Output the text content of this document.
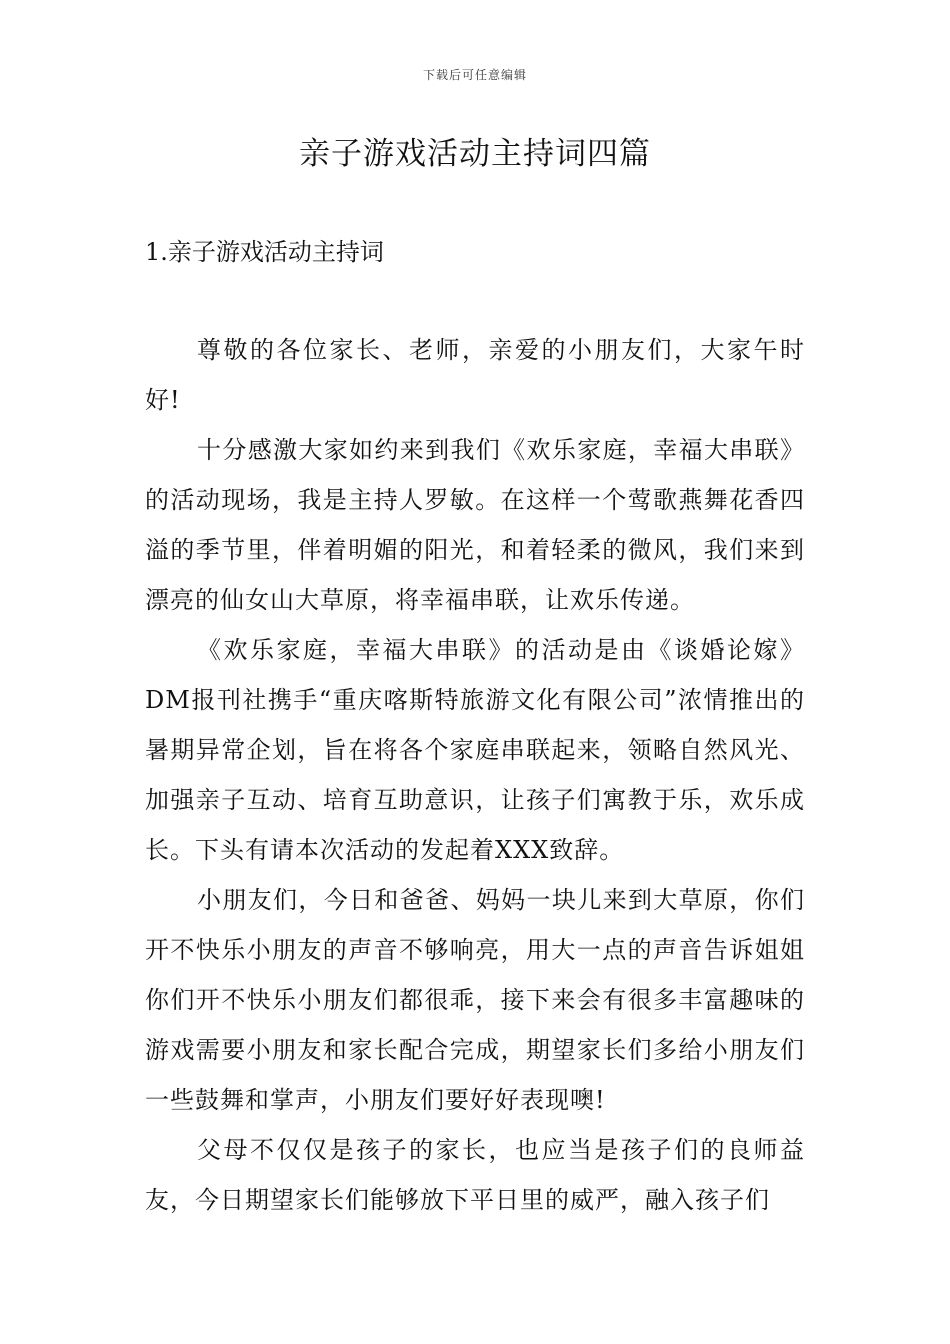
下载后可任意编辑
亲子游戏活动主持词四篇
1.亲子游戏活动主持词

尊敬的各位家长、老师，亲爱的小朋友们，大家午时好!

十分感激大家如约来到我们《欢乐家庭，幸福大串联》的活动现场，我是主持人罗敏。在这样一个莺歌燕舞花香四溢的季节里，伴着明媚的阳光，和着轻柔的微风，我们来到漂亮的仙女山大草原，将幸福串联，让欢乐传递。

《欢乐家庭，幸福大串联》的活动是由《谈婚论嫁》DM报刊社携手“重庆喀斯特旅游文化有限公司”浓情推出的暑期异常企划，旨在将各个家庭串联起来，领略自然风光、加强亲子互动、培育互助意识，让孩子们寓教于乐，欢乐成长。下头有请本次活动的发起着XXX致辞。

小朋友们，今日和爸爸、妈妈一块儿来到大草原，你们开不快乐小朋友的声音不够响亮，用大一点的声音告诉姐姐你们开不快乐小朋友们都很乖，接下来会有很多丰富趣味的游戏需要小朋友和家长配合完成，期望家长们多给小朋友们一些鼓舞和掌声，小朋友们要好好表现噢!

父母不仅仅是孩子的家长，也应当是孩子们的良师益友，今日期望家长们能够放下平日里的威严，融入孩子们
